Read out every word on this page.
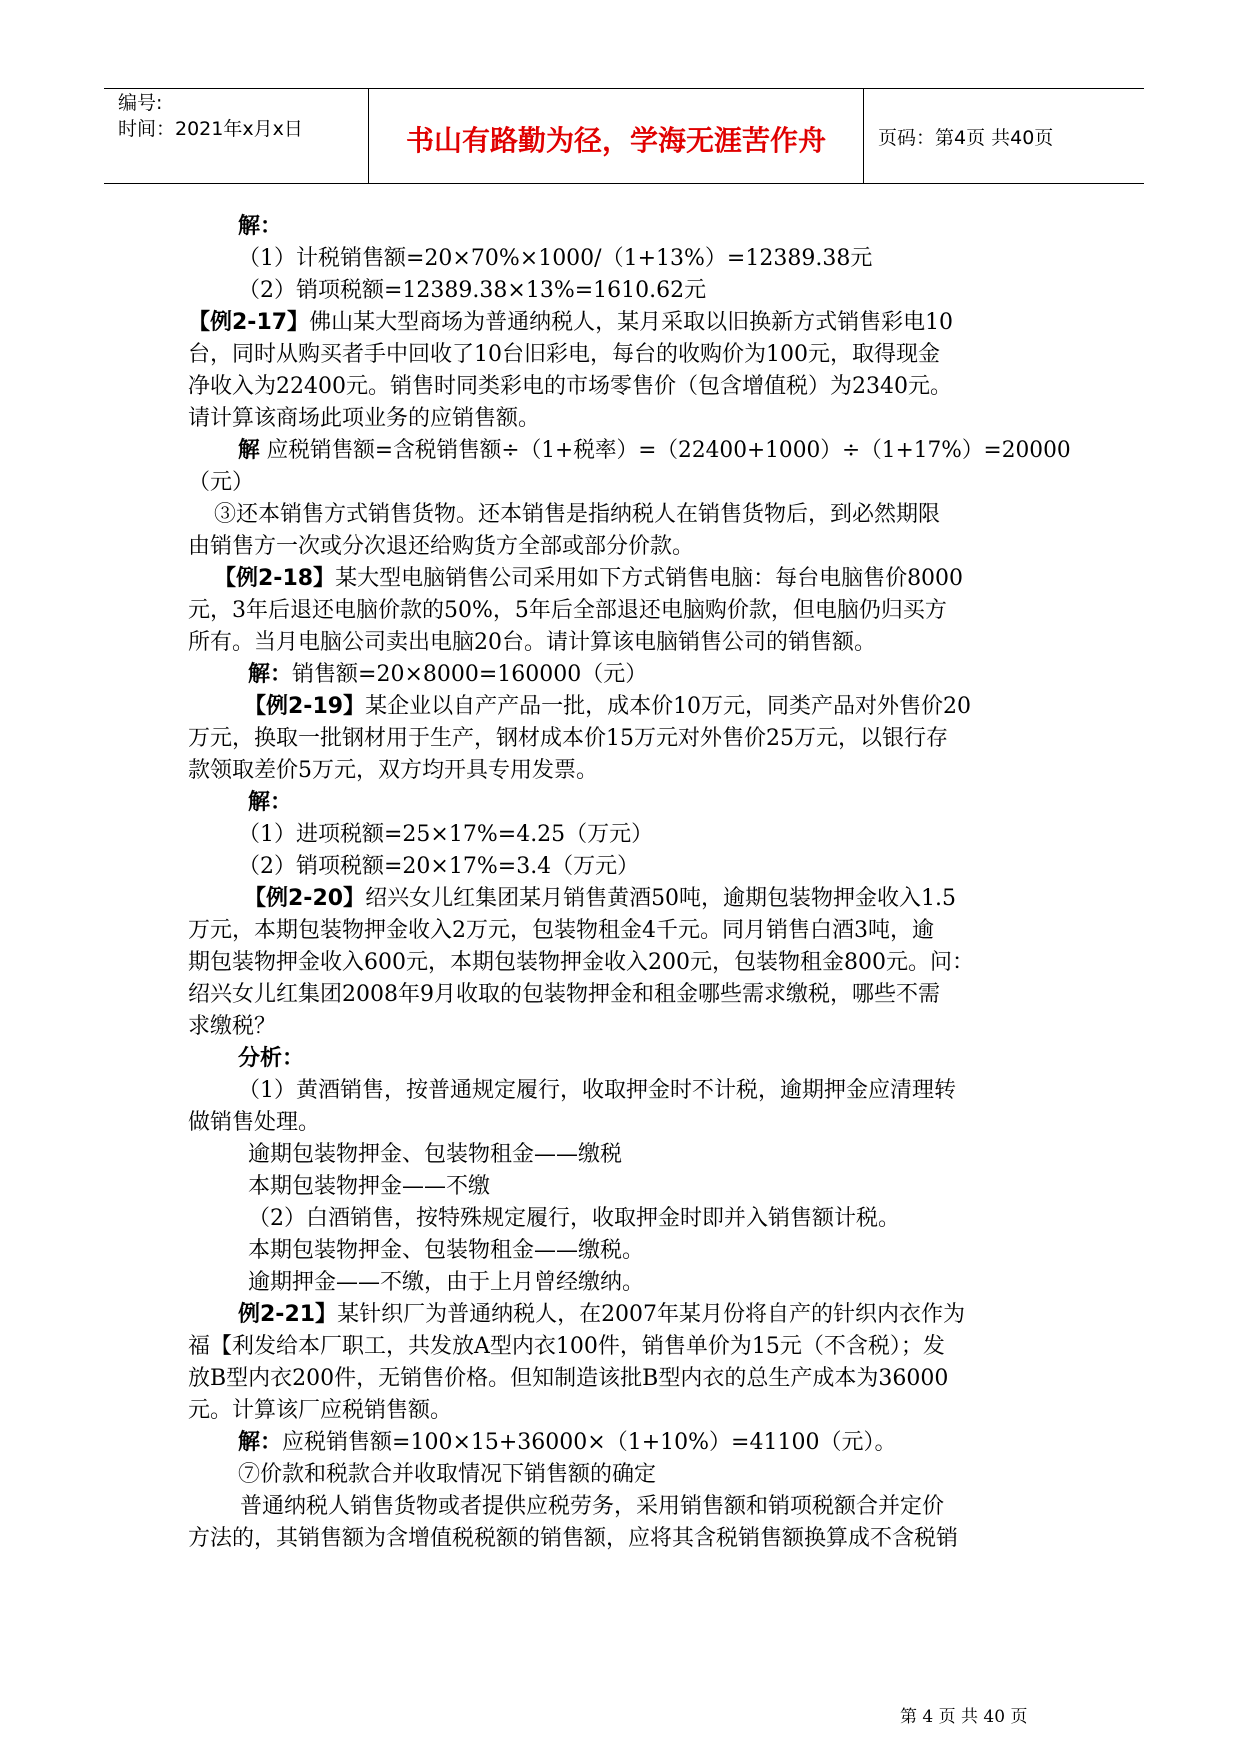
编号:
时间：2021年x月x日	书山有路勤为径，学海无涯苦作舟	页码：第4页 共40页
解：
（1）计税销售额=20×70%×1000/（1+13%）=12389.38元
（2）销项税额=12389.38×13%=1610.62元
【例2-17】佛山某大型商场为普通纳税人，某月采取以旧换新方式销售彩电10
台，同时从购买者手中回收了10台旧彩电，每台的收购价为100元，取得现金
净收入为22400元。销售时同类彩电的市场零售价（包含增值税）为2340元。
请计算该商场此项业务的应销售额。
解 应税销售额=含税销售额÷（1+税率）=（22400+1000）÷（1+17%）=20000
（元）
③还本销售方式销售货物。还本销售是指纳税人在销售货物后，到必然期限
由销售方一次或分次退还给购货方全部或部分价款。
【例2-18】某大型电脑销售公司采用如下方式销售电脑：每台电脑售价8000
元，3年后退还电脑价款的50%，5年后全部退还电脑购价款，但电脑仍归买方
所有。当月电脑公司卖出电脑20台。请计算该电脑销售公司的销售额。
解：销售额=20×8000=160000（元）
【例2-19】某企业以自产产品一批，成本价10万元，同类产品对外售价20
万元，换取一批钢材用于生产，钢材成本价15万元对外售价25万元，以银行存
款领取差价5万元，双方均开具专用发票。
解：
（1）进项税额=25×17%=4.25（万元）
（2）销项税额=20×17%=3.4（万元）
【例2-20】绍兴女儿红集团某月销售黄酒50吨，逾期包装物押金收入1.5
万元，本期包装物押金收入2万元，包装物租金4千元。同月销售白酒3吨，逾
期包装物押金收入600元，本期包装物押金收入200元，包装物租金800元。问：
绍兴女儿红集团2008年9月收取的包装物押金和租金哪些需求缴税，哪些不需
求缴税？
分析：
（1）黄酒销售，按普通规定履行，收取押金时不计税，逾期押金应清理转
做销售处理。
逾期包装物押金、包装物租金——缴税
本期包装物押金——不缴
（2）白酒销售，按特殊规定履行，收取押金时即并入销售额计税。
本期包装物押金、包装物租金——缴税。
逾期押金——不缴，由于上月曾经缴纳。
例2-21】某针织厂为普通纳税人，在2007年某月份将自产的针织内衣作为
福【利发给本厂职工，共发放A型内衣100件，销售单价为15元（不含税）；发
放B型内衣200件，无销售价格。但知制造该批B型内衣的总生产成本为36000
元。计算该厂应税销售额。
解：应税销售额=100×15+36000×（1+10%）=41100（元）。
⑦价款和税款合并收取情况下销售额的确定
普通纳税人销售货物或者提供应税劳务，采用销售额和销项税额合并定价
方法的，其销售额为含增值税税额的销售额，应将其含税销售额换算成不含税销
第 4 页 共 40 页
